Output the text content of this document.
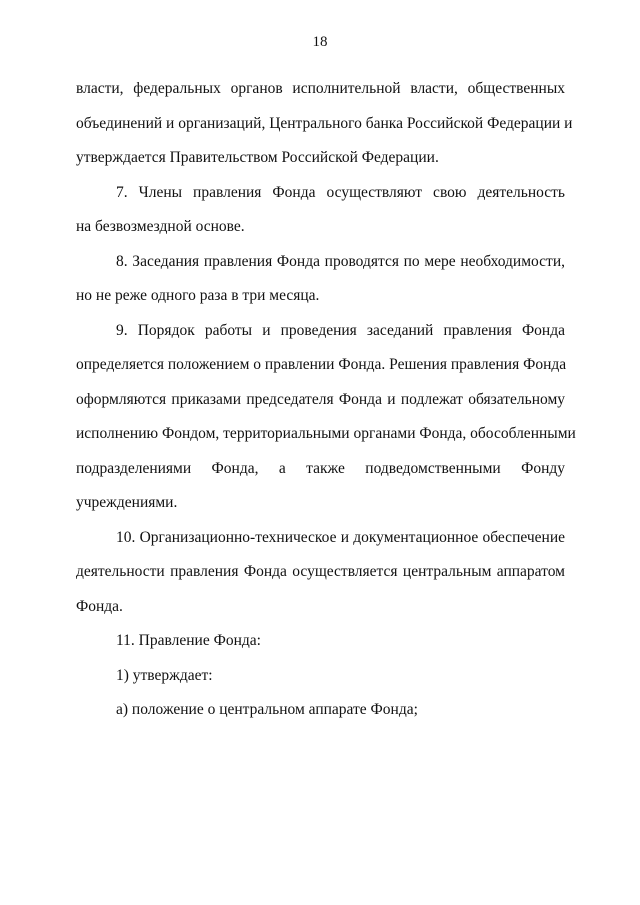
18
власти, федеральных органов исполнительной власти, общественных
объединений и организаций, Центрального банка Российской Федерации и
утверждается Правительством Российской Федерации.
7. Члены правления Фонда осуществляют свою деятельность
на безвозмездной основе.
8. Заседания правления Фонда проводятся по мере необходимости,
но не реже одного раза в три месяца.
9. Порядок работы и проведения заседаний правления Фонда
определяется положением о правлении Фонда. Решения правления Фонда
оформляются приказами председателя Фонда и подлежат обязательному
исполнению Фондом, территориальными органами Фонда, обособленными
подразделениями Фонда, а также подведомственными Фонду
учреждениями.
10. Организационно-техническое и документационное обеспечение
деятельности правления Фонда осуществляется центральным аппаратом
Фонда.
11. Правление Фонда:
1) утверждает:
а) положение о центральном аппарате Фонда;
